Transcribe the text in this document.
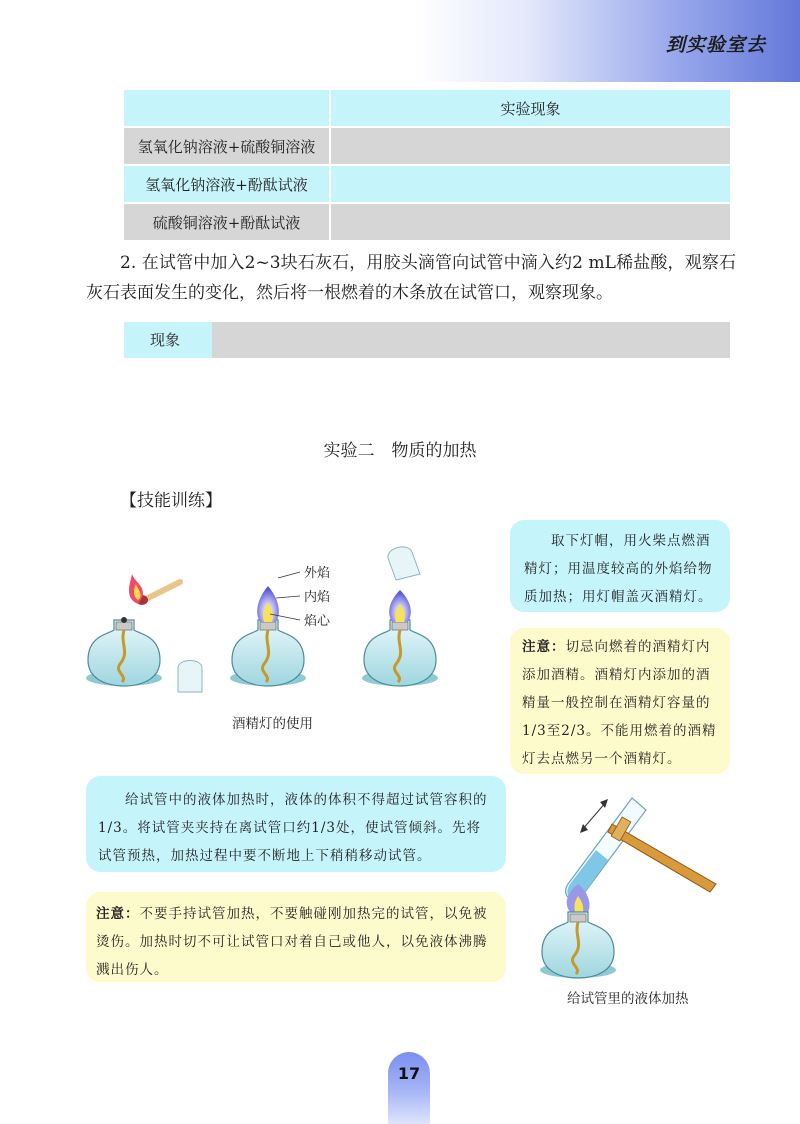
到实验室去
	实验现象
氢氧化钠溶液+硫酸铜溶液	
氢氧化钠溶液+酚酞试液	
硫酸铜溶液+酚酞试液	
2. 在试管中加入2~3块石灰石，用胶头滴管向试管中滴入约2 mL稀盐酸，观察石灰石表面发生的变化，然后将一根燃着的木条放在试管口，观察现象。
现象
实验二　物质的加热
【技能训练】
外焰
内焰
焰心
酒精灯的使用

取下灯帽，用火柴点燃酒精灯；用温度较高的外焰给物质加热；用灯帽盖灭酒精灯。

注意：切忌向燃着的酒精灯内添加酒精。酒精灯内添加的酒精量一般控制在酒精灯容量的1/3至2/3。不能用燃着的酒精灯去点燃另一个酒精灯。

给试管中的液体加热时，液体的体积不得超过试管容积的1/3。将试管夹夹持在离试管口约1/3处，使试管倾斜。先将试管预热，加热过程中要不断地上下稍稍移动试管。

注意：不要手持试管加热，不要触碰刚加热完的试管，以免被烫伤。加热时切不可让试管口对着自己或他人，以免液体沸腾溅出伤人。

给试管里的液体加热
17
